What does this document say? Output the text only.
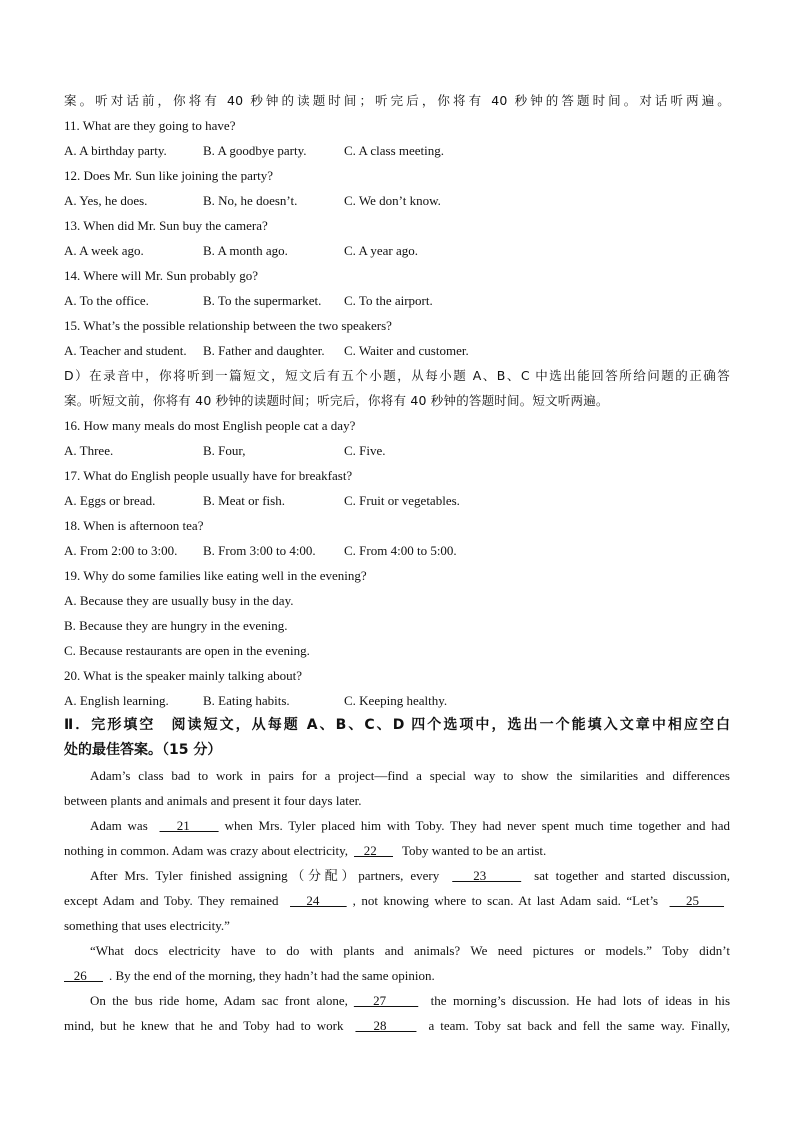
案。听对话前，你将有 40 秒钟的读题时间；听完后，你将有 40 秒钟的答题时间。对话听两遍。
11. What are they going to have?
A. A birthday party.	B. A goodbye party.	C. A class meeting.
12. Does Mr. Sun like joining the party?
A. Yes, he does.	B. No, he doesn’t.	C. We don’t know.
13. When did Mr. Sun buy the camera?
A. A week ago.	B. A month ago.	C. A year ago.
14. Where will Mr. Sun probably go?
A. To the office.	B. To the supermarket. C. To the airport.
15. What’s the possible relationship between the two speakers?
A. Teacher and student. B. Father and daughter. C. Waiter and customer.
D）在录音中，你将听到一篇短文，短文后有五个小题，从每小题 A、B、C 中选出能回答所给问题的正确答
案。听短文前，你将有 40 秒钟的读题时间；听完后，你将有 40 秒钟的答题时间。短文听两遍。
16. How many meals do most English people cat a day?
A. Three.	B. Four,	C. Five.
17. What do English people usually have for breakfast?
A. Eggs or bread.	B. Meat or fish.	C. Fruit or vegetables.
18. When is afternoon tea?
A. From 2:00 to 3:00. B. From 3:00 to 4:00. C. From 4:00 to 5:00.
19. Why do some families like eating well in the evening?
A. Because they are usually busy in the day.
B. Because they are hungry in the evening.
C. Because restaurants are open in the evening.
20. What is the speaker mainly talking about?
A. English learning.	B. Eating habits.	C. Keeping healthy.
Ⅱ．完形填空　阅读短文，从每题 A、B、C、D 四个选项中，选出一个能填入文章中相应空白
处的最佳答案。（15 分）
Adam’s class bad to work in pairs for a project—find a special way to show the similarities and differences
between plants and animals and present it four days later.
Adam was    21     when Mrs. Tyler placed him with Toby. They had never spent much time together and had
nothing in common. Adam was crazy about electricity,   22      Toby wanted to be an artist.
After Mrs. Tyler finished assigning（分配）partners, every    23      sat together and started discussion,
except Adam and Toby. They remained    24     , not knowing where to scan. At last Adam said. “Let’s    25
something that uses electricity.”
“What docs electricity have to do with plants and animals? We need pictures or models.” Toby didn’t
26     . By the end of the morning, they hadn’t had the same opinion.
On the bus ride home, Adam sac front alone,   27      the morning’s discussion. He had lots of ideas in his
mind, but he knew that he and Toby had to work    28      a team. Toby sat back and fell the same way. Finally,
